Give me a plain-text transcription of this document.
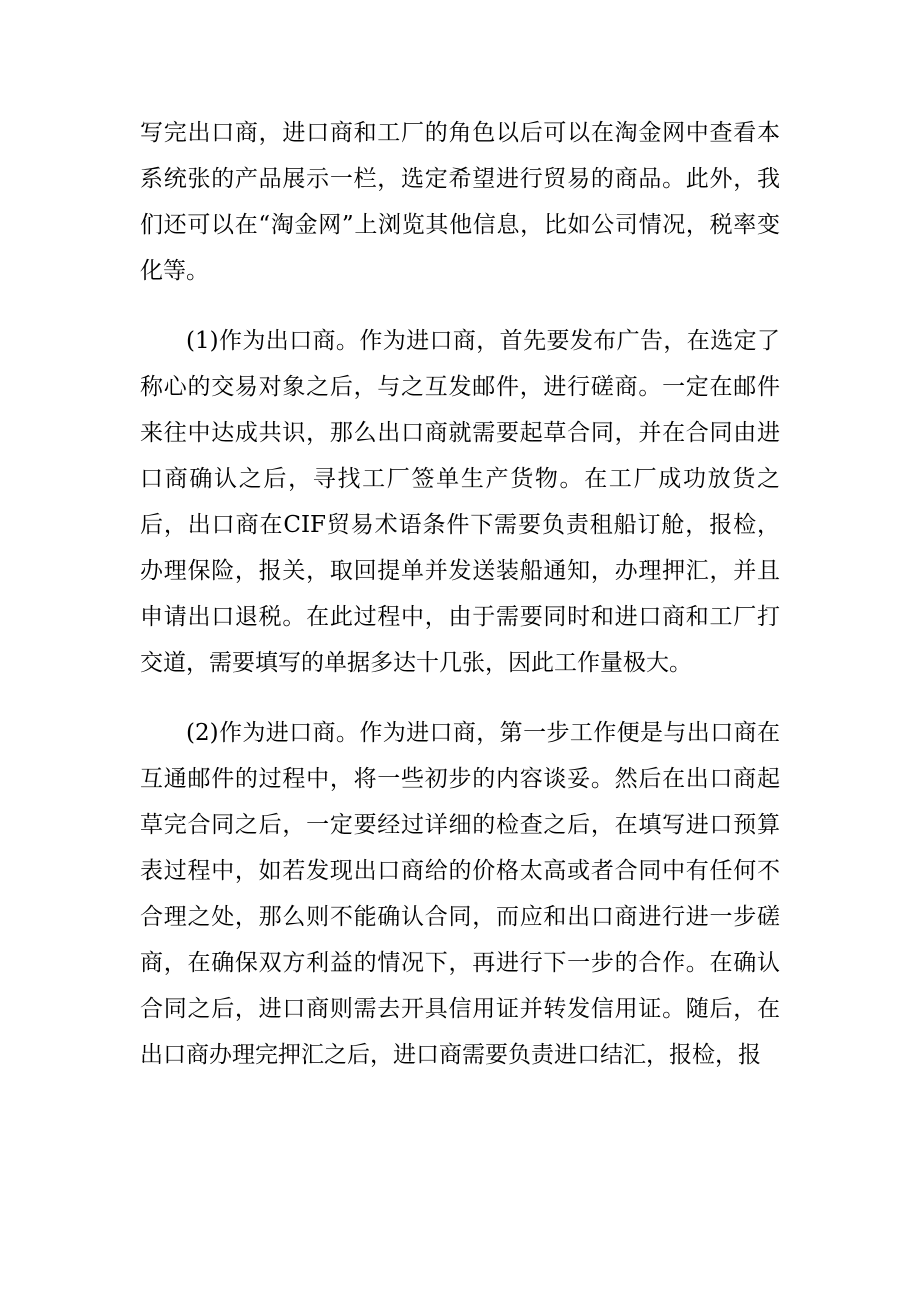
写完出口商，进口商和工厂的角色以后可以在淘金网中查看本系统张的产品展示一栏，选定希望进行贸易的商品。此外，我们还可以在“淘金网”上浏览其他信息，比如公司情况，税率变化等。

(1)作为出口商。作为进口商，首先要发布广告，在选定了称心的交易对象之后，与之互发邮件，进行磋商。一定在邮件来往中达成共识，那么出口商就需要起草合同，并在合同由进口商确认之后，寻找工厂签单生产货物。在工厂成功放货之后，出口商在CIF贸易术语条件下需要负责租船订舱，报检，办理保险，报关，取回提单并发送装船通知，办理押汇，并且申请出口退税。在此过程中，由于需要同时和进口商和工厂打交道，需要填写的单据多达十几张，因此工作量极大。

(2)作为进口商。作为进口商，第一步工作便是与出口商在互通邮件的过程中，将一些初步的内容谈妥。然后在出口商起草完合同之后，一定要经过详细的检查之后，在填写进口预算表过程中，如若发现出口商给的价格太高或者合同中有任何不合理之处，那么则不能确认合同，而应和出口商进行进一步磋商，在确保双方利益的情况下，再进行下一步的合作。在确认合同之后，进口商则需去开具信用证并转发信用证。随后，在出口商办理完押汇之后，进口商需要负责进口结汇，报检，报
